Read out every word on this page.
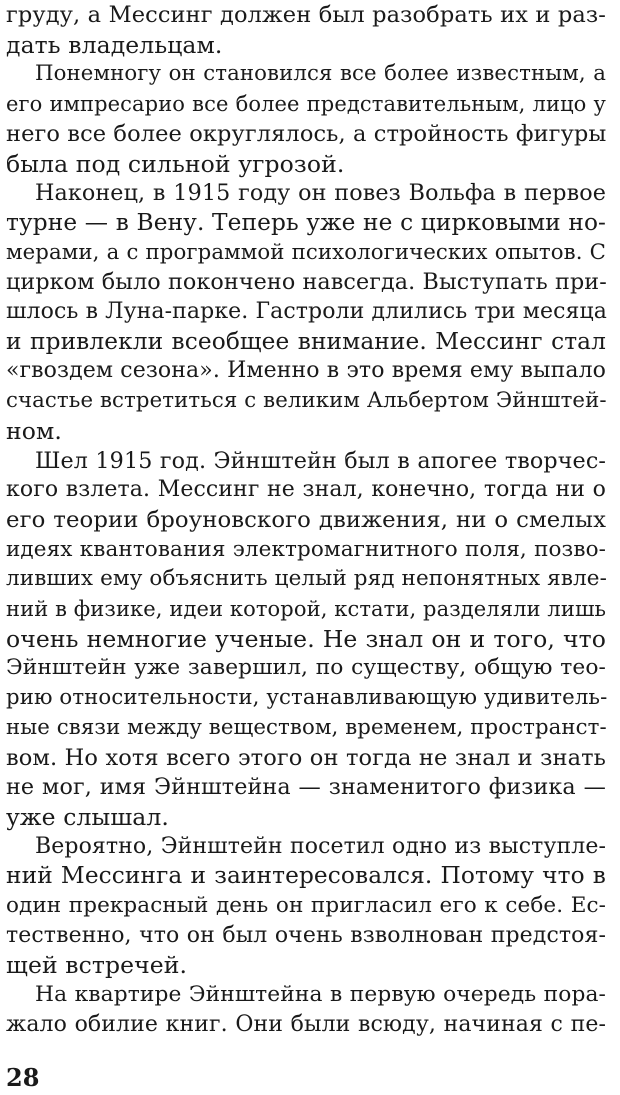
груду, а Мессинг должен был разобрать их и раз-
дать владельцам.
Понемногу он становился все более известным, а
его импресарио все более представительным, лицо у
него все более округлялось, а стройность фигуры
была под сильной угрозой.
Наконец, в 1915 году он повез Вольфа в первое
турне — в Вену. Теперь уже не с цирковыми но-
мерами, а с программой психологических опытов. С
цирком было покончено навсегда. Выступать при-
шлось в Луна-парке. Гастроли длились три месяца
и привлекли всеобщее внимание. Мессинг стал
«гвоздем сезона». Именно в это время ему выпало
счастье встретиться с великим Альбертом Эйнштей-
ном.
Шел 1915 год. Эйнштейн был в апогее творчес-
кого взлета. Мессинг не знал, конечно, тогда ни о
его теории броуновского движения, ни о смелых
идеях квантования электромагнитного поля, позво-
ливших ему объяснить целый ряд непонятных явле-
ний в физике, идеи которой, кстати, разделяли лишь
очень немногие ученые. Не знал он и того, что
Эйнштейн уже завершил, по существу, общую тео-
рию относительности, устанавливающую удивитель-
ные связи между веществом, временем, пространст-
вом. Но хотя всего этого он тогда не знал и знать
не мог, имя Эйнштейна — знаменитого физика —
уже слышал.
Вероятно, Эйнштейн посетил одно из выступле-
ний Мессинга и заинтересовался. Потому что в
один прекрасный день он пригласил его к себе. Ес-
тественно, что он был очень взволнован предстоя-
щей встречей.
На квартире Эйнштейна в первую очередь пора-
28
жало обилие книг. Они были всюду, начиная с пе-
